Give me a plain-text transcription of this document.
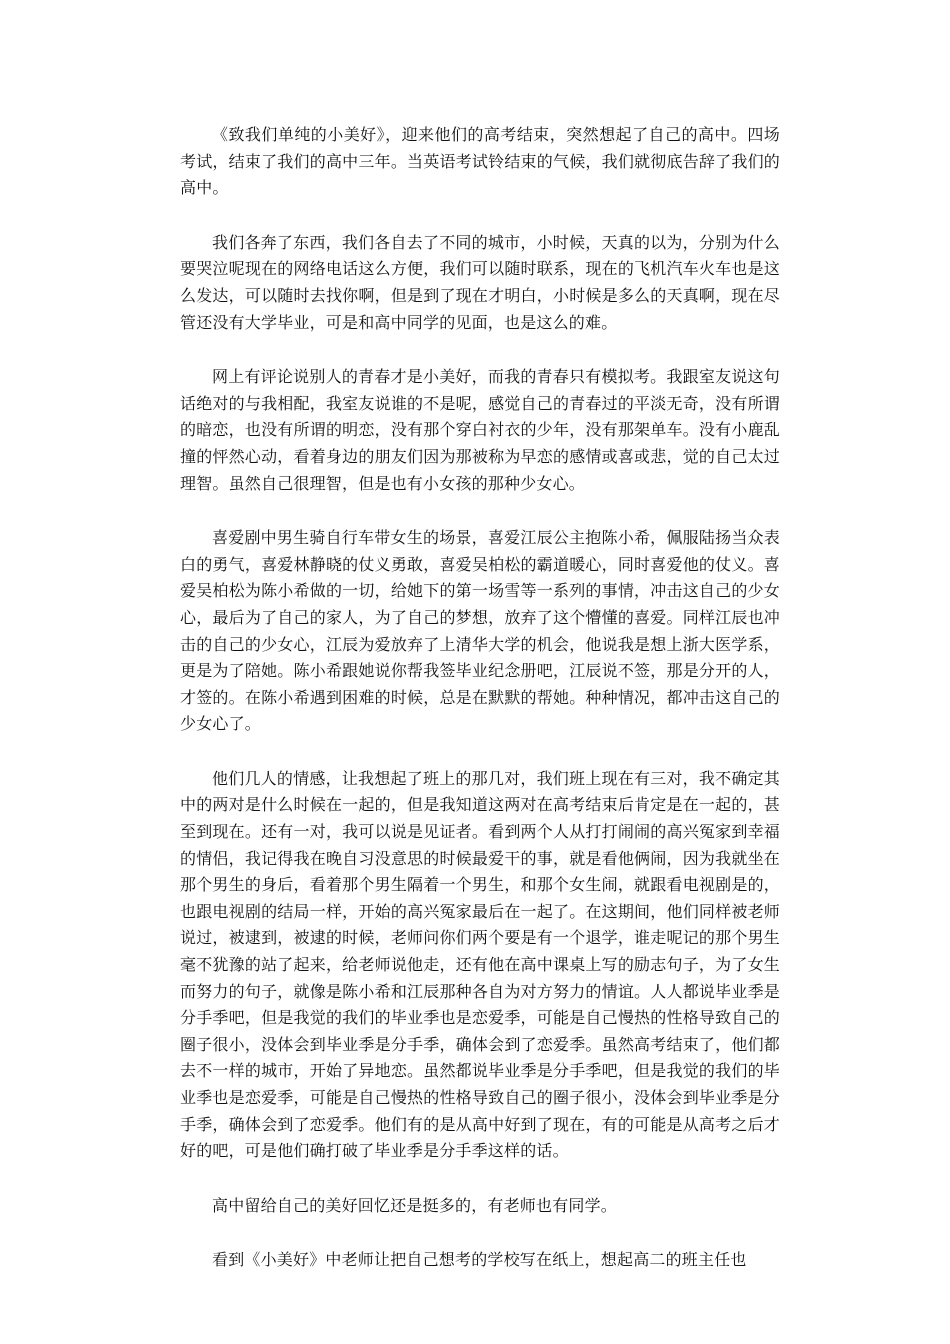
《致我们单纯的小美好》，迎来他们的高考结束，突然想起了自己的高中。四场考试，结束了我们的高中三年。当英语考试铃结束的气候，我们就彻底告辞了我们的高中。

我们各奔了东西，我们各自去了不同的城市，小时候，天真的以为，分别为什么要哭泣呢现在的网络电话这么方便，我们可以随时联系，现在的飞机汽车火车也是这么发达，可以随时去找你啊，但是到了现在才明白，小时候是多么的天真啊，现在尽管还没有大学毕业，可是和高中同学的见面，也是这么的难。

网上有评论说别人的青春才是小美好，而我的青春只有模拟考。我跟室友说这句话绝对的与我相配，我室友说谁的不是呢，感觉自己的青春过的平淡无奇，没有所谓的暗恋，也没有所谓的明恋，没有那个穿白衬衣的少年，没有那架单车。没有小鹿乱撞的怦然心动，看着身边的朋友们因为那被称为早恋的感情或喜或悲，觉的自己太过理智。虽然自己很理智，但是也有小女孩的那种少女心。

喜爱剧中男生骑自行车带女生的场景，喜爱江辰公主抱陈小希，佩服陆扬当众表白的勇气，喜爱林静晓的仗义勇敢，喜爱吴柏松的霸道暖心，同时喜爱他的仗义。喜爱吴柏松为陈小希做的一切，给她下的第一场雪等一系列的事情，冲击这自己的少女心，最后为了自己的家人，为了自己的梦想，放弃了这个懵懂的喜爱。同样江辰也冲击的自己的少女心，江辰为爱放弃了上清华大学的机会，他说我是想上浙大医学系，更是为了陪她。陈小希跟她说你帮我签毕业纪念册吧，江辰说不签，那是分开的人，才签的。在陈小希遇到困难的时候，总是在默默的帮她。种种情况，都冲击这自己的少女心了。

他们几人的情感，让我想起了班上的那几对，我们班上现在有三对，我不确定其中的两对是什么时候在一起的，但是我知道这两对在高考结束后肯定是在一起的，甚至到现在。还有一对，我可以说是见证者。看到两个人从打打闹闹的高兴冤家到幸福的情侣，我记得我在晚自习没意思的时候最爱干的事，就是看他俩闹，因为我就坐在那个男生的身后，看着那个男生隔着一个男生，和那个女生闹，就跟看电视剧是的，也跟电视剧的结局一样，开始的高兴冤家最后在一起了。在这期间，他们同样被老师说过，被逮到，被逮的时候，老师问你们两个要是有一个退学，谁走呢记的那个男生毫不犹豫的站了起来，给老师说他走，还有他在高中课桌上写的励志句子，为了女生而努力的句子，就像是陈小希和江辰那种各自为对方努力的情谊。人人都说毕业季是分手季吧，但是我觉的我们的毕业季也是恋爱季，可能是自己慢热的性格导致自己的圈子很小，没体会到毕业季是分手季，确体会到了恋爱季。虽然高考结束了，他们都去不一样的城市，开始了异地恋。虽然都说毕业季是分手季吧，但是我觉的我们的毕业季也是恋爱季，可能是自己慢热的性格导致自己的圈子很小，没体会到毕业季是分手季，确体会到了恋爱季。他们有的是从高中好到了现在，有的可能是从高考之后才好的吧，可是他们确打破了毕业季是分手季这样的话。

高中留给自己的美好回忆还是挺多的，有老师也有同学。

看到《小美好》中老师让把自己想考的学校写在纸上，想起高二的班主任也
